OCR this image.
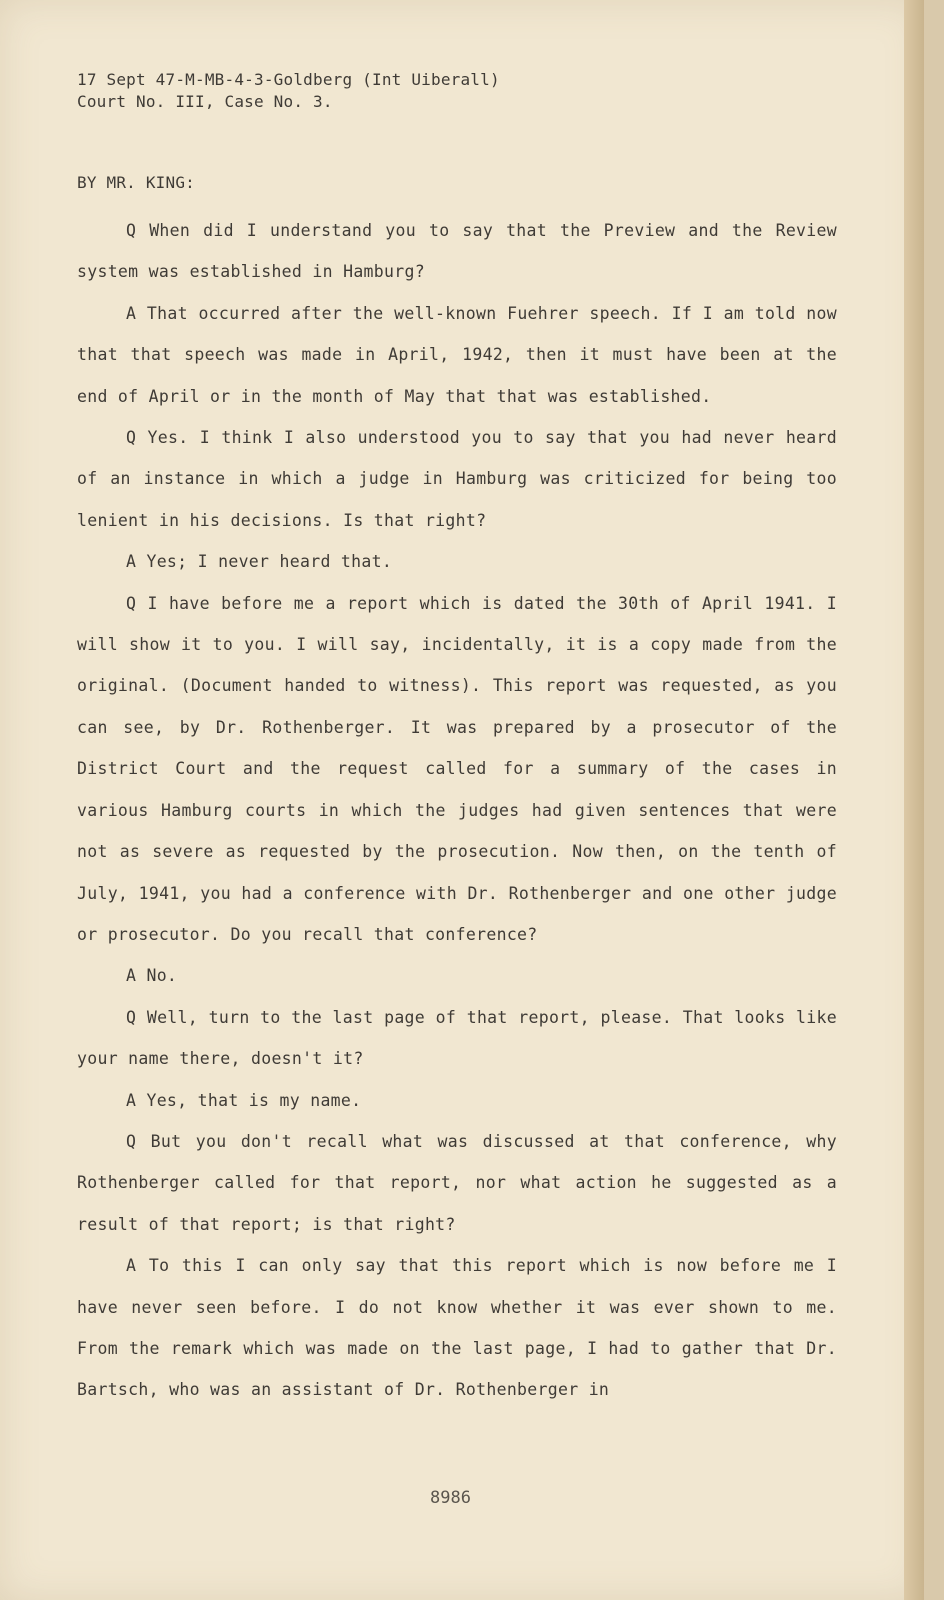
17 Sept 47-M-MB-4-3-Goldberg (Int Uiberall)
Court No. III, Case No. 3.
BY MR. KING:

Q When did I understand you to say that the Preview and the Review system was established in Hamburg?

A That occurred after the well-known Fuehrer speech. If I am told now that that speech was made in April, 1942, then it must have been at the end of April or in the month of May that that was established.

Q Yes. I think I also understood you to say that you had never heard of an instance in which a judge in Hamburg was criticized for being too lenient in his decisions. Is that right?

A Yes; I never heard that.

Q I have before me a report which is dated the 30th of April 1941. I will show it to you. I will say, incidentally, it is a copy made from the original. (Document handed to witness). This report was requested, as you can see, by Dr. Rothenberger. It was prepared by a prosecutor of the District Court and the request called for a summary of the cases in various Hamburg courts in which the judges had given sentences that were not as severe as requested by the prosecution. Now then, on the tenth of July, 1941, you had a conference with Dr. Rothenberger and one other judge or prosecutor. Do you recall that conference?

A No.

Q Well, turn to the last page of that report, please. That looks like your name there, doesn't it?

A Yes, that is my name.

Q But you don't recall what was discussed at that conference, why Rothenberger called for that report, nor what action he suggested as a result of that report; is that right?

A To this I can only say that this report which is now before me I have never seen before. I do not know whether it was ever shown to me. From the remark which was made on the last page, I had to gather that Dr. Bartsch, who was an assistant of Dr. Rothenberger in

8986
